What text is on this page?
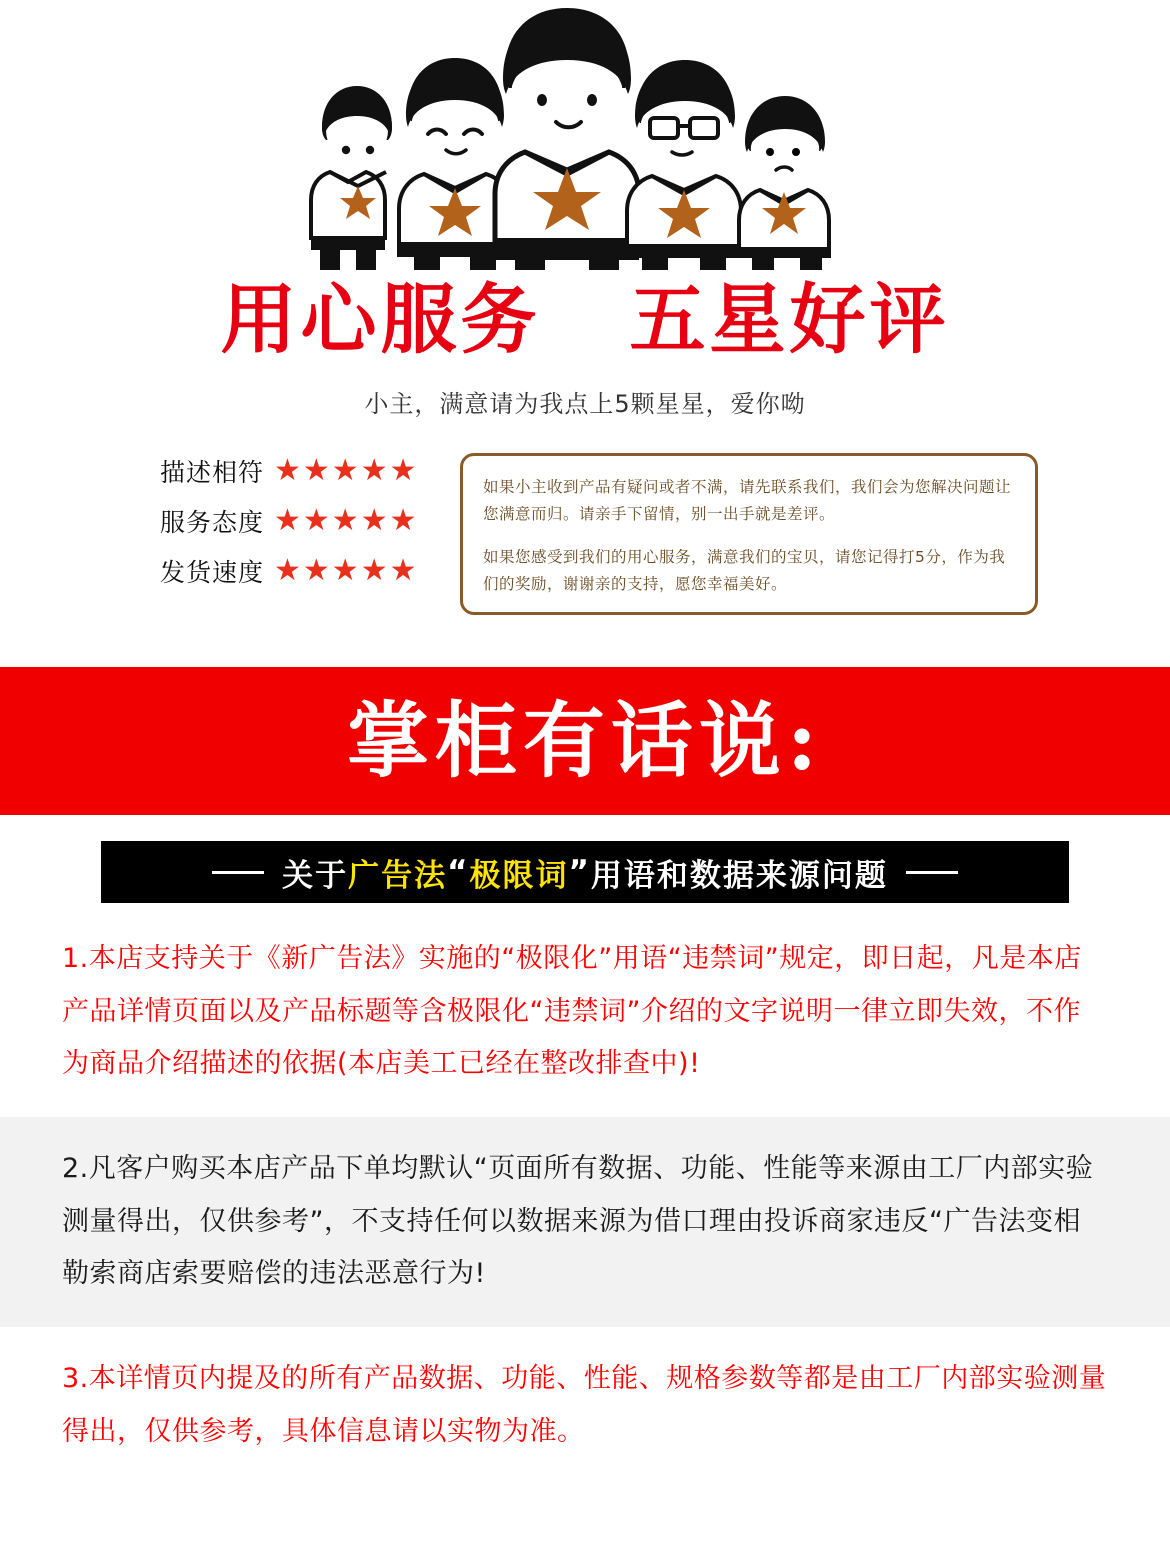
用心服务 五星好评
小主，满意请为我点上5颗星星，爱你呦
描述相符 ★★★★★
服务态度 ★★★★★
发货速度 ★★★★★

如果小主收到产品有疑问或者不满，请先联系我们，我们会为您解决问题让您满意而归。请亲手下留情，别一出手就是差评。

如果您感受到我们的用心服务，满意我们的宝贝，请您记得打5分，作为我们的奖励，谢谢亲的支持，愿您幸福美好。

掌柜有话说:
关于 广告法 “ 极限词 ” 用语和数据来源问题
1.本店支持关于《新广告法》实施的“极限化”用语“违禁词”规定，即日起，凡是本店产品详情页面以及产品标题等含极限化“违禁词”介绍的文字说明一律立即失效，不作为商品介绍描述的依据(本店美工已经在整改排查中)!
2.凡客户购买本店产品下单均默认“页面所有数据、功能、性能等来源由工厂内部实验测量得出，仅供参考”，不支持任何以数据来源为借口理由投诉商家违反“广告法变相勒索商店索要赔偿的违法恶意行为!
3.本详情页内提及的所有产品数据、功能、性能、规格参数等都是由工厂内部实验测量得出，仅供参考，具体信息请以实物为准。
